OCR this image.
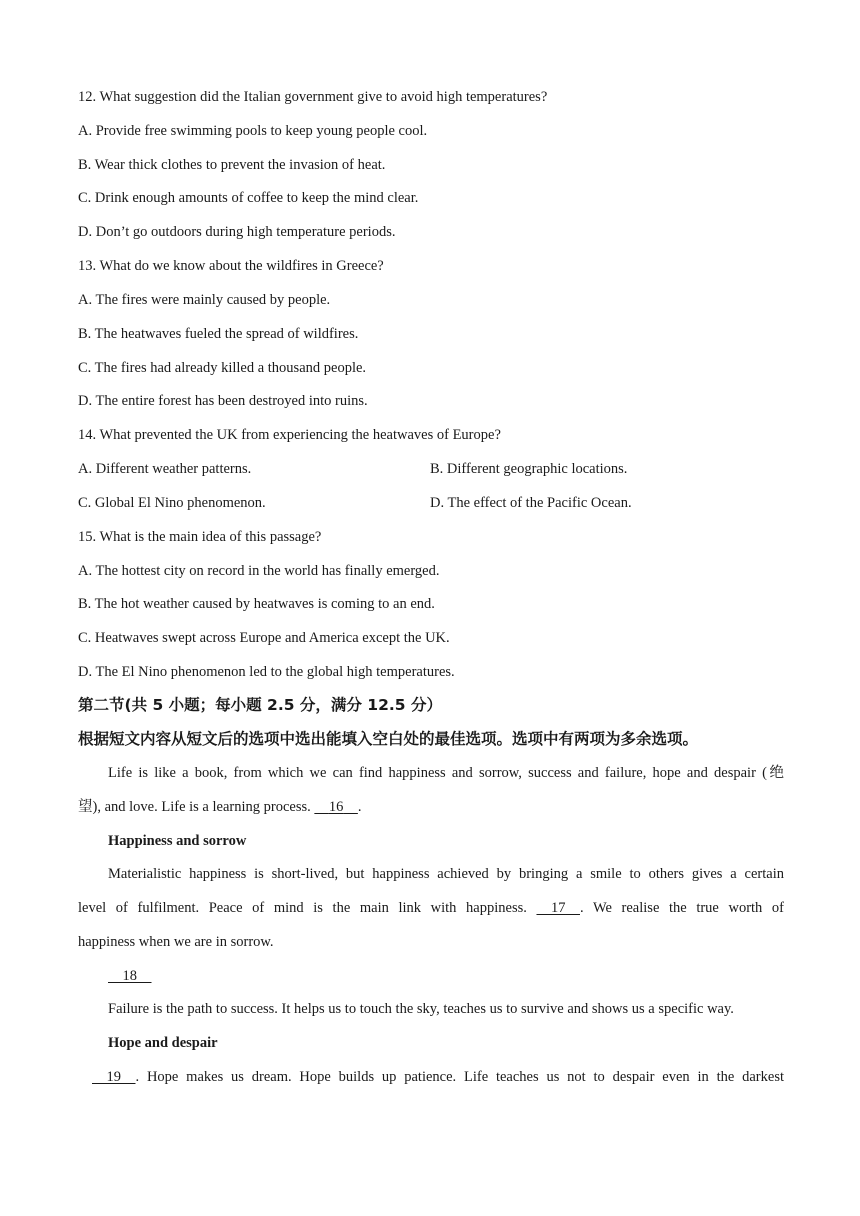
12. What suggestion did the Italian government give to avoid high temperatures?
A. Provide free swimming pools to keep young people cool.
B. Wear thick clothes to prevent the invasion of heat.
C. Drink enough amounts of coffee to keep the mind clear.
D. Don’t go outdoors during high temperature periods.
13. What do we know about the wildfires in Greece?
A. The fires were mainly caused by people.
B. The heatwaves fueled the spread of wildfires.
C. The fires had already killed a thousand people.
D. The entire forest has been destroyed into ruins.
14. What prevented the UK from experiencing the heatwaves of Europe?
A. Different weather patterns.	B. Different geographic locations.
C. Global El Nino phenomenon.	D. The effect of the Pacific Ocean.
15. What is the main idea of this passage?
A. The hottest city on record in the world has finally emerged.
B. The hot weather caused by heatwaves is coming to an end.
C. Heatwaves swept across Europe and America except the UK.
D. The El Nino phenomenon led to the global high temperatures.
第二节(共 5 小题；每小题 2.5 分，满分 12.5 分）
根据短文内容从短文后的选项中选出能填入空白处的最佳选项。选项中有两项为多余选项。
Life is like a book, from which we can find happiness and sorrow, success and failure, hope and despair (绝
望), and love. Life is a learning process.     16 .
Happiness and sorrow
Materialistic happiness is short-lived, but happiness achieved by bringing a smile to others gives a certain
level of fulfilment. Peace of mind is the main link with happiness.     17 . We realise the true worth of
happiness when we are in sorrow.
18
Failure is the path to success. It helps us to touch the sky, teaches us to survive and shows us a specific way.
Hope and despair
19 . Hope makes us dream. Hope builds up patience. Life teaches us not to despair even in the darkest
